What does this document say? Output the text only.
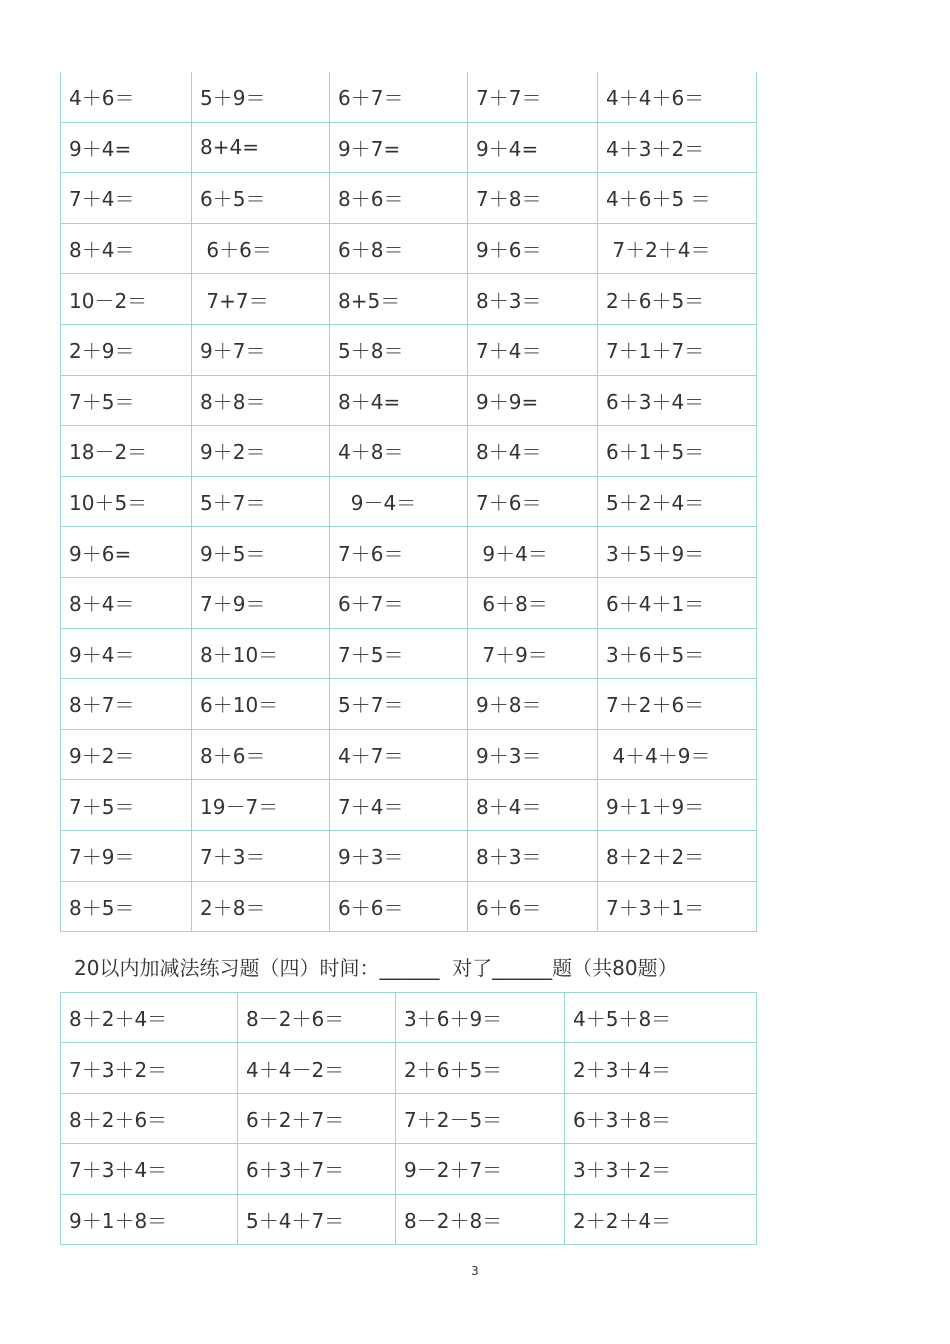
4＋6＝	5＋9＝	6＋7＝	7＋7＝	4＋4＋6＝
9＋4=	8+4=	9＋7=	9＋4=	4＋3＋2＝
7＋4＝	6＋5＝	8＋6＝	7＋8＝	4＋6＋5 ＝
8＋4＝	6＋6＝	6＋8＝	9＋6＝	7＋2＋4＝
10－2＝	7+7＝	8+5＝	8＋3＝	2＋6＋5＝
2＋9＝	9＋7＝	5＋8＝	7＋4＝	7＋1＋7＝
7＋5＝	8＋8＝	8＋4=	9＋9=	6＋3＋4＝
18－2＝	9＋2＝	4＋8＝	8＋4＝	6＋1＋5＝
10＋5＝	5＋7＝	9－4＝	7＋6＝	5＋2＋4＝
9＋6=	9＋5＝	7＋6＝	9＋4＝	3＋5＋9＝
8＋4＝	7＋9＝	6＋7＝	6＋8＝	6＋4＋1＝
9＋4＝	8＋10＝	7＋5＝	7＋9＝	3＋6＋5＝
8＋7＝	6＋10＝	5＋7＝	9＋8＝	7＋2＋6＝
9＋2＝	8＋6＝	4＋7＝	9＋3＝	4＋4＋9＝
7＋5＝	19－7＝	7＋4＝	8＋4＝	9＋1＋9＝
7＋9＝	7＋3＝	9＋3＝	8＋3＝	8＋2＋2＝
8＋5＝	2＋8＝	6＋6＝	6＋6＝	7＋3＋1＝
20以内加减法练习题（四）时间：______  对了______题（共80题）
8＋2＋4＝	8－2＋6＝	3＋6＋9＝	4＋5＋8＝
7＋3＋2＝	4＋4－2＝	2＋6＋5＝	2＋3＋4＝
8＋2＋6＝	6＋2＋7＝	7＋2－5＝	6＋3＋8＝
7＋3＋4＝	6＋3＋7＝	9－2＋7＝	3＋3＋2＝
9＋1＋8＝	5＋4＋7＝	8－2＋8＝	2＋2＋4＝
3
